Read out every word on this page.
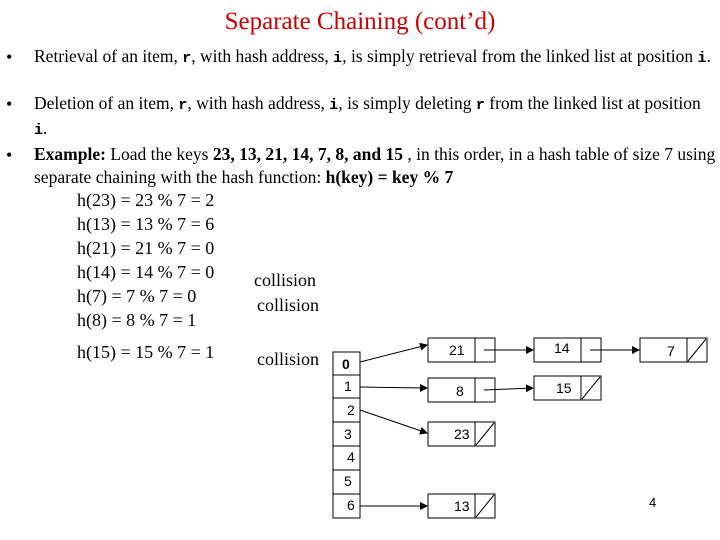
Separate Chaining (cont’d)
• Retrieval of an item, r, with hash address, i, is simply retrieval from the linked list at position i.
• Deletion of an item, r, with hash address, i, is simply deleting r from the linked list at position i.
• Example: Load the keys 23, 13, 21, 14, 7, 8, and 15 , in this order, in a hash table of size 7 using separate chaining with the hash function: h(key) = key % 7
h(23) = 23 % 7 = 2
h(13) = 13 % 7 = 6
h(21) = 21 % 7 = 0
h(14) = 14 % 7 = 0 collision
h(7) = 7 % 7 = 0	collision
h(8) = 8 % 7 = 1
h(15) = 15 % 7 = 1 collision 0
1
2
3
4
5
6
21	14	7
8	15
23
13	4
